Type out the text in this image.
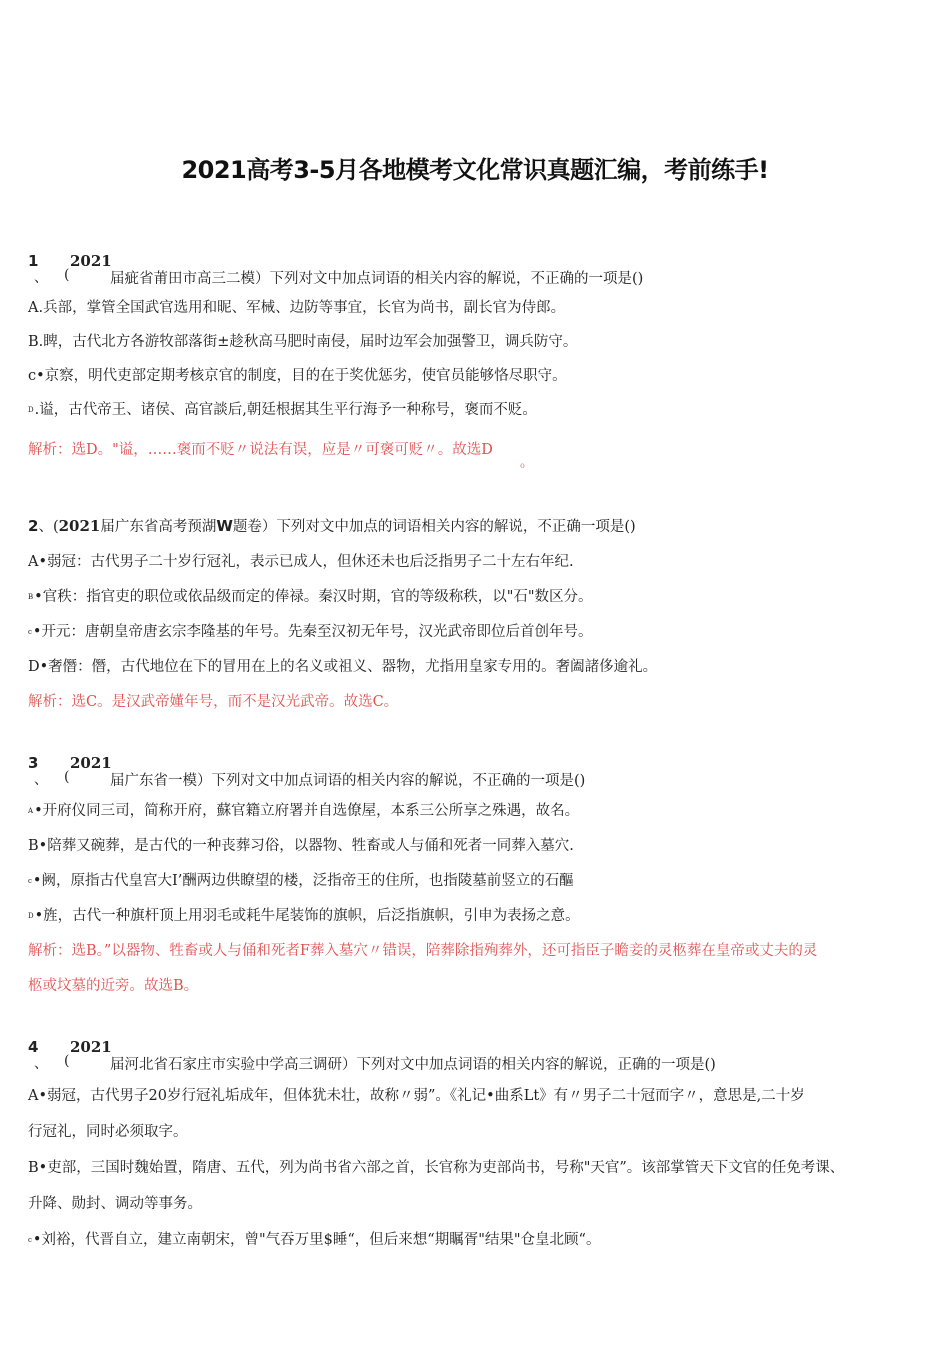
2021高考3-5月各地模考文化常识真题汇编，考前练手!
1
、 (
2021
届疵省莆田市高三二模）下列对文中加点词语的相关内容的解说，不正确的一项是()
A.兵部，掌管全国武官选用和昵、军械、边防等事宜，长官为尚书，副长官为侍郎。
B.睥，古代北方各游牧部落街±趁秋高马肥时南侵，届时边军会加强警卫，调兵防守。
c•京察，明代吏部定期考核京官的制度，目的在于奖优惩劣，使官员能够恪尽职守。
$^D$.谥，古代帝王、诸侯、高官談后,朝廷根据其生平行海予一种称号，褒而不贬。
解析：选D。"谥，……褒而不贬〃说法有误，应是〃可褒可贬〃。故选D
o
2、(2021届广东省高考预湖W题卷）下列对文中加点的词语相关内容的解说，不正确一项是()
A•弱冠：古代男子二十岁行冠礼，表示已成人，但休还未也后泛指男子二十左右年纪.
$^B$•官秩：指官吏的职位或依品级而定的俸禄。秦汉时期，官的等级称秩，以"石"数区分。
$^c$•开元：唐朝皇帝唐玄宗李隆基的年号。先秦至汉初无年号，汉光武帝即位后首创年号。
D•奢僭：僭，古代地位在下的冒用在上的名义或祖义、器物，尤指用皇家专用的。奢阖諸侈逾礼。
解析：选C。是汉武帝嬞年号，而不是汉光武帝。故选C。
3
、 (
2021
届广东省一模）下列对文中加点词语的相关内容的解说，不正确的一项是()
$^A$•开府仪同三司，简称开府，蘇官籍立府署并自选僚屋，本系三公所享之殊遇，故名。
B•陪葬又碗葬，是古代的一种丧葬习俗，以器物、牲畜或人与俑和死者一同葬入墓穴.
$^c$•阙，原指古代皇宫大I’酬两边供瞭望的楼，泛指帝王的住所，也指陵墓前竖立的石醧
$^D$•旌，古代一种旗杆顶上用羽毛或耗牛尾装饰的旗帜，后泛指旗帜，引申为表扬之意。
解析：选B。”以器物、牲畜或人与俑和死者F葬入墓穴〃错误，陪葬除指殉葬外，还可指臣子瞻妾的灵柩葬在皇帝或丈夫的灵
柩或坟墓的近旁。故选B。
4
、 (
2021
届河北省石家庄市实验中学高三调研）下列对文中加点词语的相关内容的解说，正确的一项是()
A•弱冠，古代男子20岁行冠礼垢成年，但体犹未壮，故称〃弱”。《礼记•曲系Lt》有〃男子二十冠而字〃，意思是,二十岁
行冠礼，同时必须取字。
B•吏部，三国时魏始置，隋唐、五代，列为尚书省六部之首，长官称为吏部尚书，号称"天官”。该部掌管天下文官的任免考课、
升降、勋封、调动等事务。
$^c$•刘裕，代晋自立，建立南朝宋，曾"气吞万里$睡“，但后来想“期瞩胥"结果"仓皇北顾“。
